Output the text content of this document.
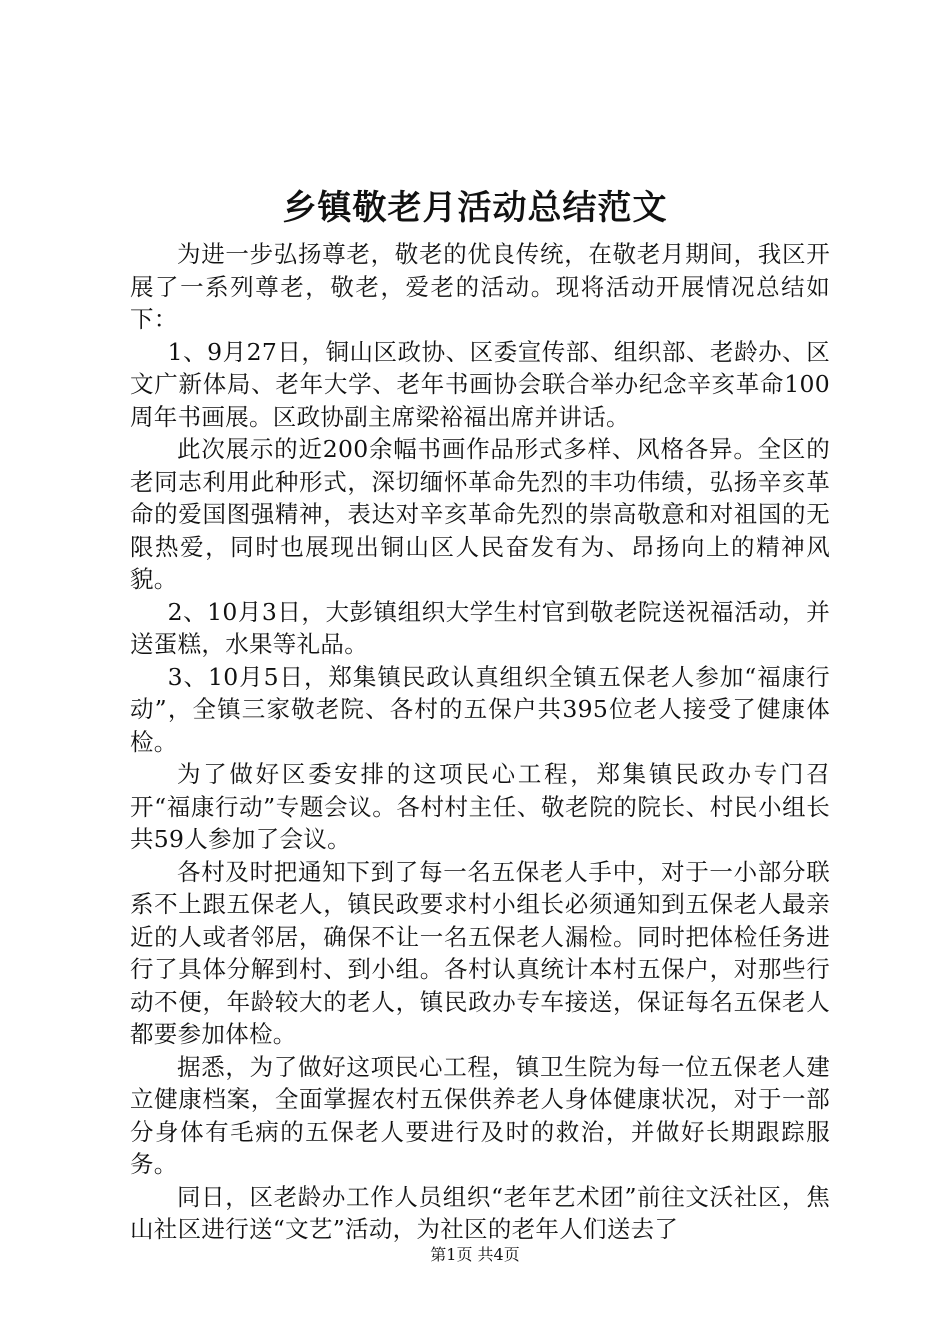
乡镇敬老月活动总结范文

为进一步弘扬尊老，敬老的优良传统，在敬老月期间，我区开展了一系列尊老，敬老，爱老的活动。现将活动开展情况总结如下：

1、9月27日，铜山区政协、区委宣传部、组织部、老龄办、区文广新体局、老年大学、老年书画协会联合举办纪念辛亥革命100周年书画展。区政协副主席梁裕福出席并讲话。

此次展示的近200余幅书画作品形式多样、风格各异。全区的老同志利用此种形式，深切缅怀革命先烈的丰功伟绩，弘扬辛亥革命的爱国图强精神，表达对辛亥革命先烈的崇高敬意和对祖国的无限热爱，同时也展现出铜山区人民奋发有为、昂扬向上的精神风貌。

2、10月3日，大彭镇组织大学生村官到敬老院送祝福活动，并送蛋糕，水果等礼品。

3、10月5日，郑集镇民政认真组织全镇五保老人参加“福康行动”，全镇三家敬老院、各村的五保户共395位老人接受了健康体检。

为了做好区委安排的这项民心工程，郑集镇民政办专门召开“福康行动”专题会议。各村村主任、敬老院的院长、村民小组长共59人参加了会议。

各村及时把通知下到了每一名五保老人手中，对于一小部分联系不上跟五保老人，镇民政要求村小组长必须通知到五保老人最亲近的人或者邻居，确保不让一名五保老人漏检。同时把体检任务进行了具体分解到村、到小组。各村认真统计本村五保户，对那些行动不便，年龄较大的老人，镇民政办专车接送，保证每名五保老人都要参加体检。

据悉，为了做好这项民心工程，镇卫生院为每一位五保老人建立健康档案，全面掌握农村五保供养老人身体健康状况，对于一部分身体有毛病的五保老人要进行及时的救治，并做好长期跟踪服务。

同日，区老龄办工作人员组织“老年艺术团”前往文沃社区，焦山社区进行送“文艺”活动，为社区的老年人们送去了

第1页 共4页
